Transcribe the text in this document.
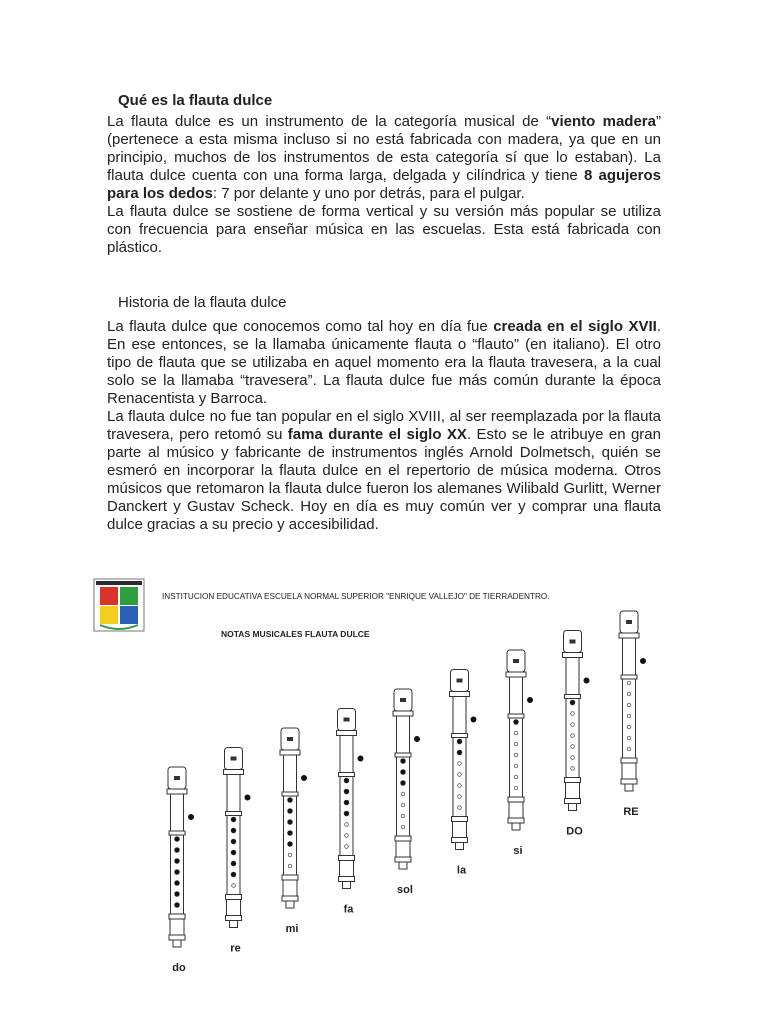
Qué es la flauta dulce

La flauta dulce es un instrumento de la categoría musical de “viento madera” (pertenece a esta misma incluso si no está fabricada con madera, ya que en un principio, muchos de los instrumentos de esta categoría sí que lo estaban). La flauta dulce cuenta con una forma larga, delgada y cilíndrica y tiene 8 agujeros para los dedos: 7 por delante y uno por detrás, para el pulgar.

La flauta dulce se sostiene de forma vertical y su versión más popular se utiliza con frecuencia para enseñar música en las escuelas. Esta está fabricada con plástico.

Historia de la flauta dulce

La flauta dulce que conocemos como tal hoy en día fue creada en el siglo XVII. En ese entonces, se la llamaba únicamente flauta o “flauto” (en italiano). El otro tipo de flauta que se utilizaba en aquel momento era la flauta travesera, a la cual solo se la llamaba “travesera”. La flauta dulce fue más común durante la época Renacentista y Barroca.

La flauta dulce no fue tan popular en el siglo XVIII, al ser reemplazada por la flauta travesera, pero retomó su fama durante el siglo XX. Esto se le atribuye en gran parte al músico y fabricante de instrumentos inglés Arnold Dolmetsch, quién se esmeró en incorporar la flauta dulce en el repertorio de música moderna. Otros músicos que retomaron la flauta dulce fueron los alemanes Wilibald Gurlitt, Werner Danckert y Gustav Scheck. Hoy en día es muy común ver y comprar una flauta dulce gracias a su precio y accesibilidad.

INSTITUCION EDUCATIVA ESCUELA NORMAL SUPERIOR "ENRIQUE VALLEJO" DE TIERRADENTRO.
NOTAS MUSICALES FLAUTA DULCE
do
re
mi
fa
sol
la
si
DO
RE
